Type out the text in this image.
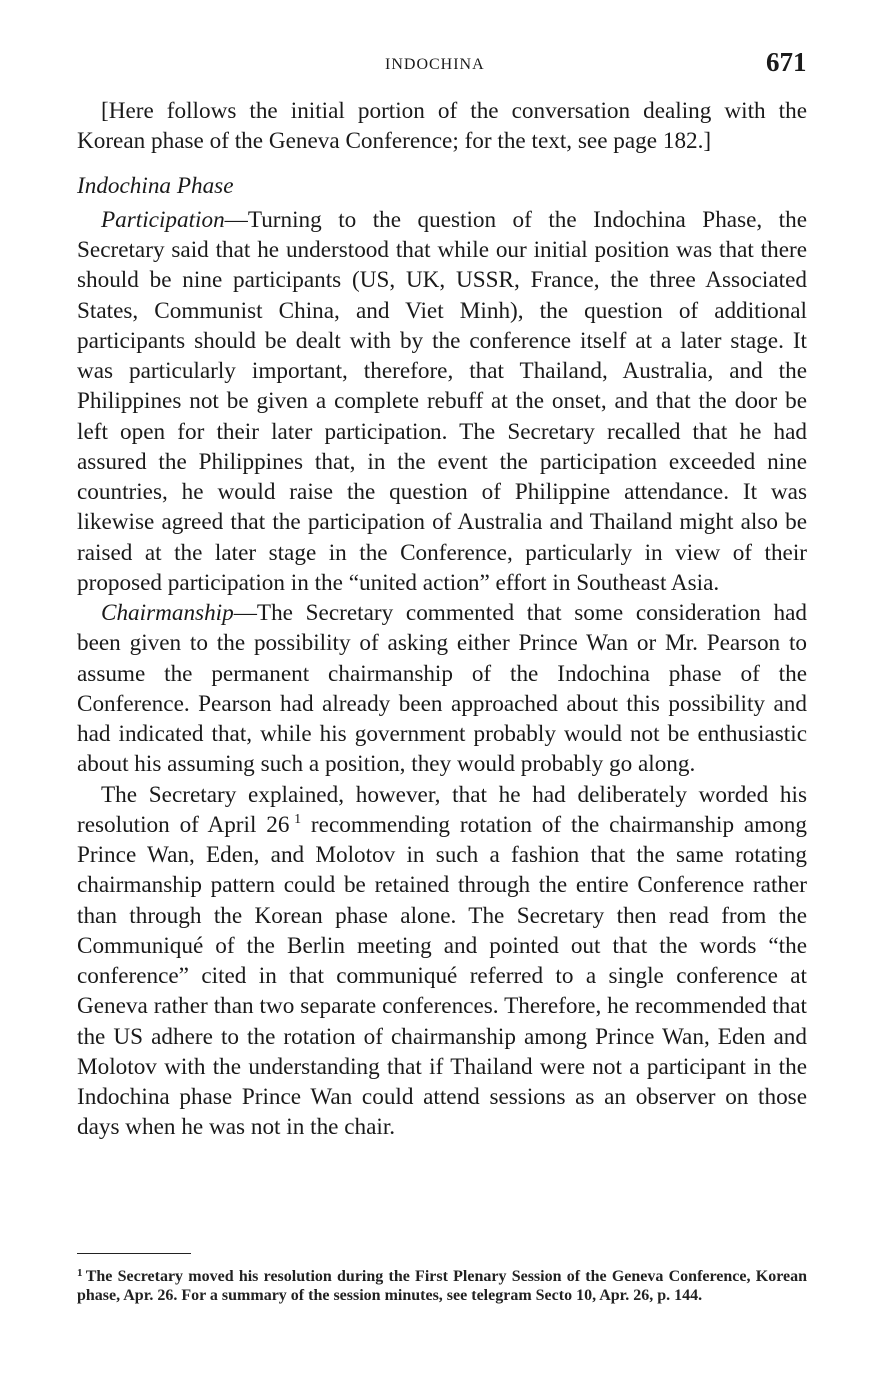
INDOCHINA	671

[Here follows the initial portion of the conversation dealing with the Korean phase of the Geneva Conference; for the text, see page 182.]

Indochina Phase

Participation—Turning to the question of the Indochina Phase, the Secretary said that he understood that while our initial position was that there should be nine participants (US, UK, USSR, France, the three Associated States, Communist China, and Viet Minh), the question of additional participants should be dealt with by the conference itself at a later stage. It was particularly important, therefore, that Thailand, Australia, and the Philippines not be given a complete rebuff at the onset, and that the door be left open for their later participation. The Secretary recalled that he had assured the Philippines that, in the event the participation exceeded nine countries, he would raise the question of Philippine attendance. It was likewise agreed that the participation of Australia and Thailand might also be raised at the later stage in the Conference, particularly in view of their proposed participation in the “united action” effort in Southeast Asia.

Chairmanship—The Secretary commented that some consideration had been given to the possibility of asking either Prince Wan or Mr. Pearson to assume the permanent chairmanship of the Indochina phase of the Conference. Pearson had already been approached about this possibility and had indicated that, while his government probably would not be enthusiastic about his assuming such a position, they would probably go along.

The Secretary explained, however, that he had deliberately worded his resolution of April 26  $^1$ recommending rotation of the chairmanship among Prince Wan, Eden, and Molotov in such a fashion that the same rotating chairmanship pattern could be retained through the entire Conference rather than through the Korean phase alone. The Secretary then read from the Communiqué of the Berlin meeting and pointed out that the words “the conference” cited in that communiqué referred to a single conference at Geneva rather than two separate conferences. Therefore, he recommended that the US adhere to the rotation of chairmanship among Prince Wan, Eden and Molotov with the understanding that if Thailand were not a participant in the Indochina phase Prince Wan could attend sessions as an observer on those days when he was not in the chair.

$^1$  The Secretary moved his resolution during the First Plenary Session of the Geneva Conference, Korean phase, Apr. 26. For a summary of the session minutes, see telegram Secto 10, Apr. 26, p. 144.
